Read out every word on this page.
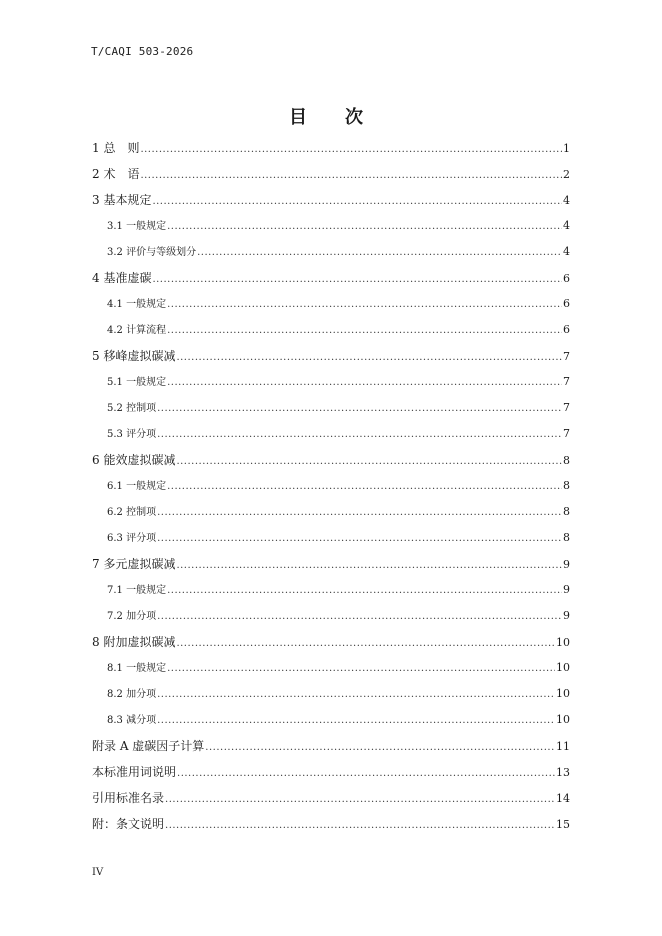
T/CAQI 503-2026
目　次
1 总　则 .....	1
2 术　语 .....	2
3 基本规定 .....	4
3.1 一般规定 .....	4
3.2 评价与等级划分 .....	4
4 基准虚碳 .....	6
4.1 一般规定 .....	6
4.2 计算流程 .....	6
5 移峰虚拟碳减 .....	7
5.1 一般规定 .....	7
5.2 控制项 .....	7
5.3 评分项 .....	7
6 能效虚拟碳减 .....	8
6.1 一般规定 .....	8
6.2 控制项 .....	8
6.3 评分项 .....	8
7 多元虚拟碳减 .....	9
7.1 一般规定 .....	9
7.2 加分项 .....	9
8 附加虚拟碳减 .....	10
8.1 一般规定 .....	10
8.2 加分项 .....	10
8.3 减分项 .....	10
附录 A 虚碳因子计算 .....	11
本标准用词说明 .....	13
引用标准名录 .....	14
附：条文说明 .....	15
IV
